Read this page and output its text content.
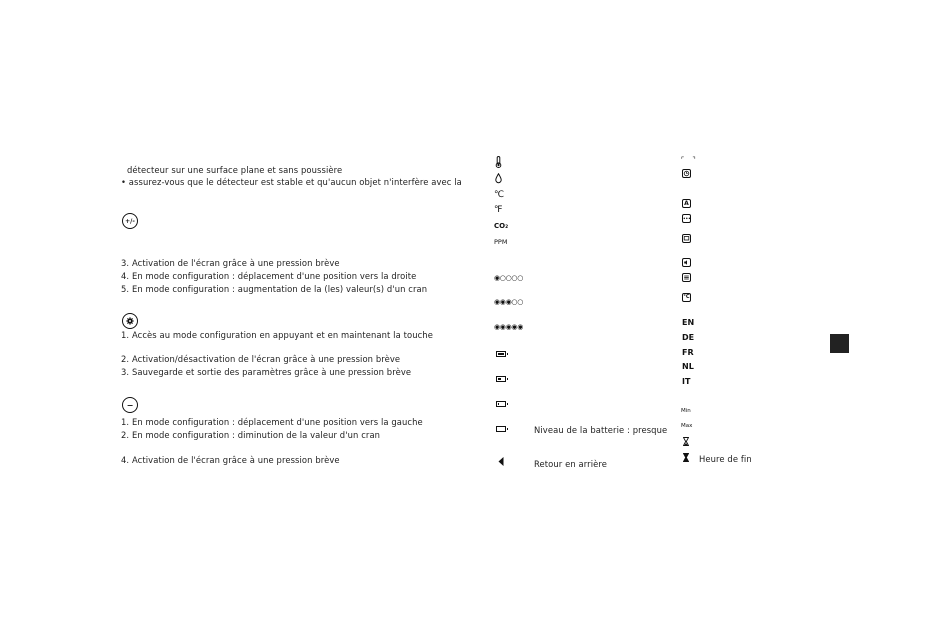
détecteur sur une surface plane et sans poussière
• assurez-vous que le détecteur est stable et qu'aucun objet n'interfère avec la
+/-
3. Activation de l'écran grâce à une pression brève
4. En mode configuration : déplacement d'une position vers la droite
5. En mode configuration : augmentation de la (les) valeur(s) d'un cran
1. Accès au mode configuration en appuyant et en maintenant la touche
2. Activation/désactivation de l'écran grâce à une pression brève
3. Sauvegarde et sortie des paramètres grâce à une pression brève
−
1. En mode configuration : déplacement d'une position vers la gauche
2. En mode configuration : diminution de la valeur d'un cran
4. Activation de l'écran grâce à une pression brève
℃
℉
CO₂
PPM
◉○○○○
◉◉◉○○
◉◉◉◉◉
Niveau de la batterie : presque
Retour en arrière
⌜ ⌝
A
•••
°C
EN
DE
FR
NL
IT
Min
Max
Heure de fin
